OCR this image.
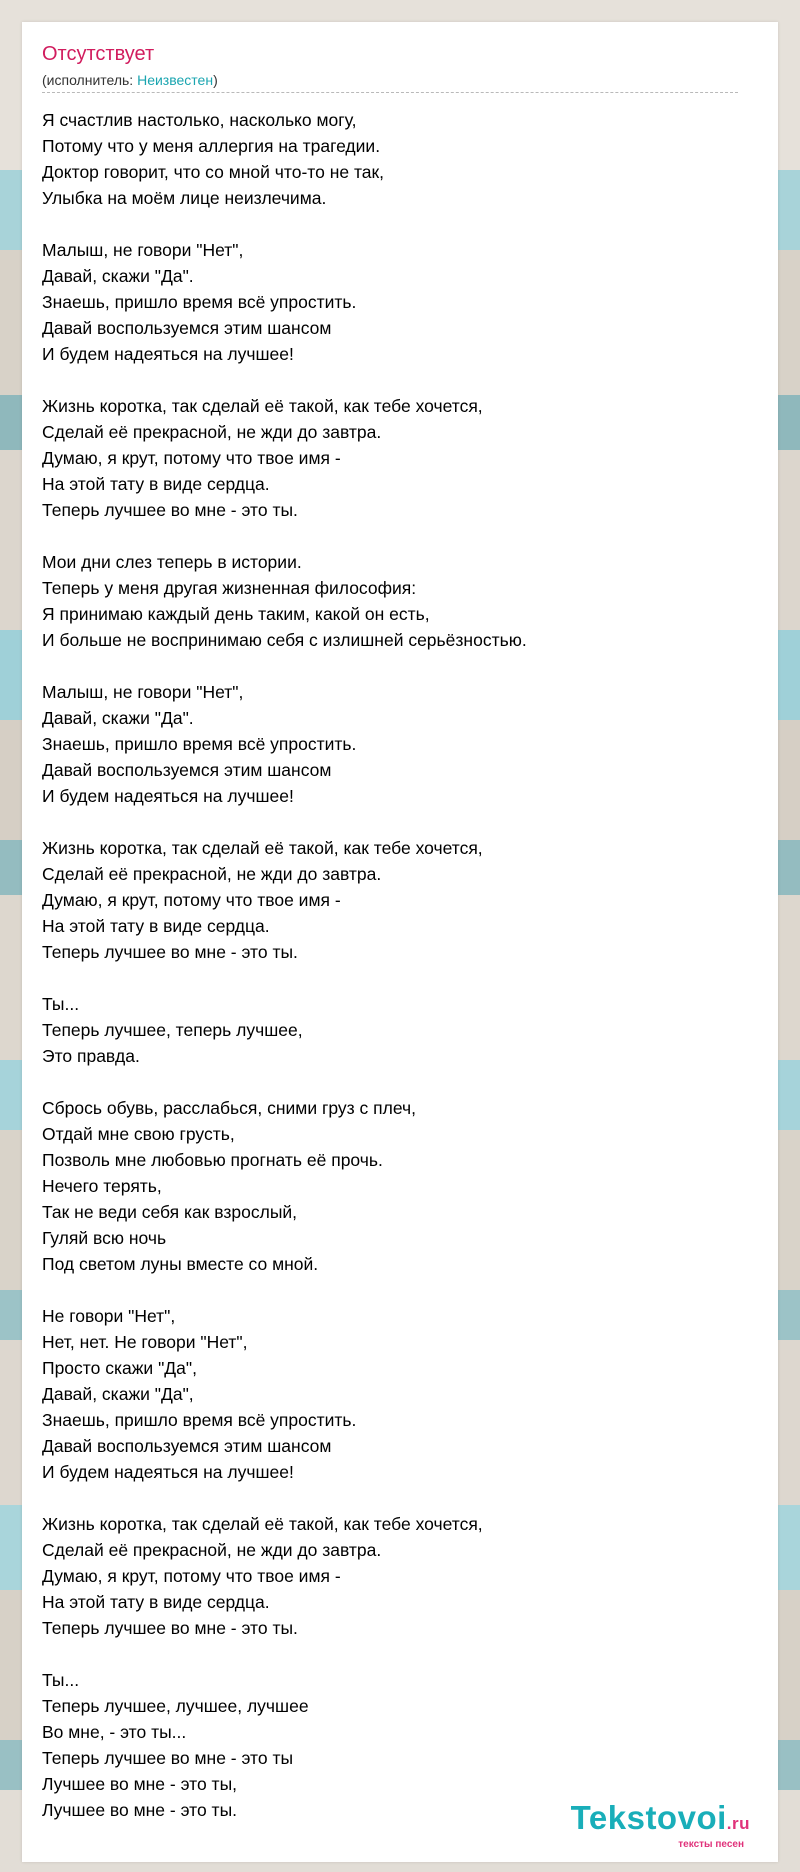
Отсутствует
(исполнитель: Неизвестен)
Я счастлив настолько, насколько могу,
Потому что у меня аллергия на трагедии.
Доктор говорит, что со мной что-то не так,
Улыбка на моём лице неизлечима.
Малыш, не говори "Нет",
Давай, скажи "Да".
Знаешь, пришло время всё упростить.
Давай воспользуемся этим шансом
И будем надеяться на лучшее!
Жизнь коротка, так сделай её такой, как тебе хочется,
Сделай её прекрасной, не жди до завтра.
Думаю, я крут, потому что твое имя -
На этой тату в виде сердца.
Теперь лучшее во мне - это ты.
Мои дни слез теперь в истории.
Теперь у меня другая жизненная философия:
Я принимаю каждый день таким, какой он есть,
И больше не воспринимаю себя с излишней серьёзностью.
Малыш, не говори "Нет",
Давай, скажи "Да".
Знаешь, пришло время всё упростить.
Давай воспользуемся этим шансом
И будем надеяться на лучшее!
Жизнь коротка, так сделай её такой, как тебе хочется,
Сделай её прекрасной, не жди до завтра.
Думаю, я крут, потому что твое имя -
На этой тату в виде сердца.
Теперь лучшее во мне - это ты.
Ты...
Теперь лучшее, теперь лучшее,
Это правда.
Сбрось обувь, расслабься, сними груз с плеч,
Отдай мне свою грусть,
Позволь мне любовью прогнать её прочь.
Нечего терять,
Так не веди себя как взрослый,
Гуляй всю ночь
Под светом луны вместе со мной.
Не говори "Нет",
Нет, нет. Не говори "Нет",
Просто скажи "Да",
Давай, скажи "Да",
Знаешь, пришло время всё упростить.
Давай воспользуемся этим шансом
И будем надеяться на лучшее!
Жизнь коротка, так сделай её такой, как тебе хочется,
Сделай её прекрасной, не жди до завтра.
Думаю, я крут, потому что твое имя -
На этой тату в виде сердца.
Теперь лучшее во мне - это ты.
Ты...
Теперь лучшее, лучшее, лучшее
Во мне, - это ты...
Теперь лучшее во мне - это ты
Лучшее во мне - это ты,
Лучшее во мне - это ты.	Tekstovoi.ru
тексты песен
